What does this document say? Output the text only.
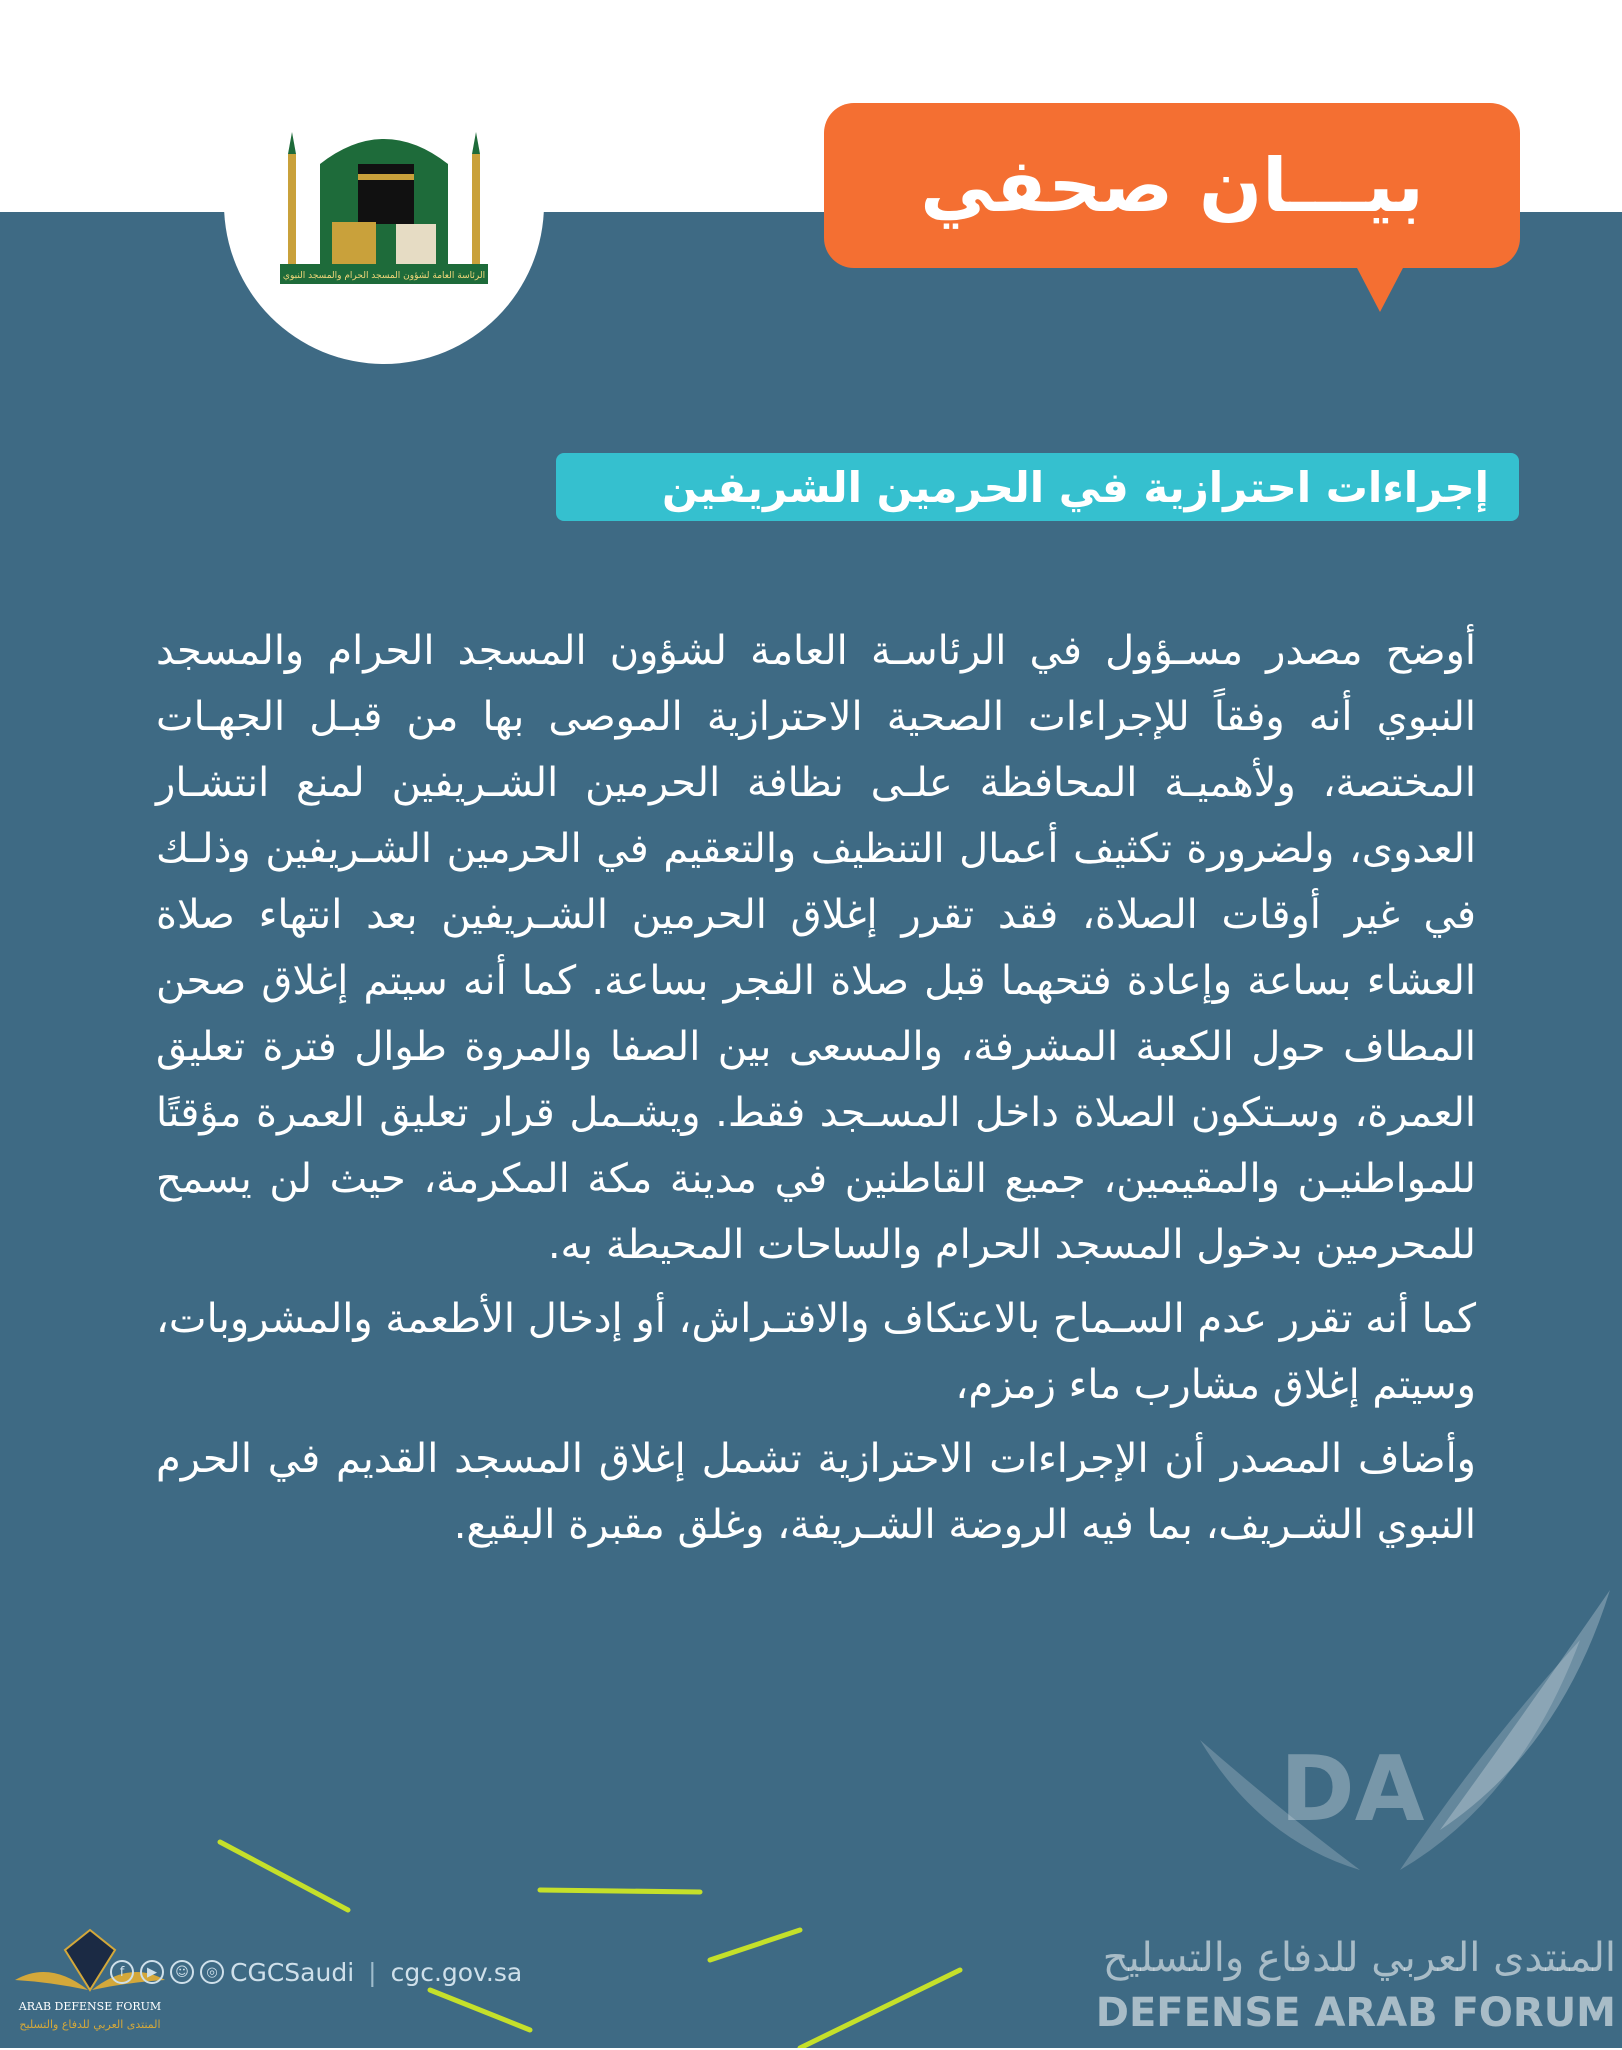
الرئاسة العامة لشؤون المسجد الحرام والمسجد النبوي
بيـــان صحفي
إجراءات احترازية في الحرمين الشريفين

أوضح مصدر مسـؤول في الرئاسـة العامة لشؤون المسجد الحرام والمسجد النبوي أنه وفقاً للإجراءات الصحية الاحترازية الموصى بها من قبـل الجهـات المختصة، ولأهميـة المحافظة علـى نظافة الحرمين الشـريفين لمنع انتشـار العدوى، ولضرورة تكثيف أعمال التنظيف والتعقيم في الحرمين الشـريفين وذلـك في غير أوقات الصلاة، فقد تقرر إغلاق الحرمين الشـريفين بعد انتهاء صلاة العشاء بساعة وإعادة فتحهما قبل صلاة الفجر بساعة. كما أنه سيتم إغلاق صحن المطاف حول الكعبة المشرفة، والمسعى بين الصفا والمروة طوال فترة تعليق العمرة، وسـتكون الصلاة داخل المسـجد فقط. ويشـمل قرار تعليق العمرة مؤقتًا للمواطنيـن والمقيمين، جميع القاطنين في مدينة مكة المكرمة، حيث لن يسمح للمحرمين بدخول المسجد الحرام والساحات المحيطة به.

كما أنه تقرر عدم السـماح بالاعتكاف والافتـراش، أو إدخال الأطعمة والمشروبات، وسيتم إغلاق مشارب ماء زمزم،

وأضاف المصدر أن الإجراءات الاحترازية تشمل إغلاق المسجد القديم في الحرم النبوي الشـريف، بما فيه الروضة الشـريفة، وغلق مقبرة البقيع.

DA
المنتدى العربي للدفاع والتسليح
DEFENSE ARAB FORUM
ARAB DEFENSE FORUM
المنتدى العربي للدفاع والتسليح
f	▶	☺	◎ CGCSaudi | cgc.gov.sa
